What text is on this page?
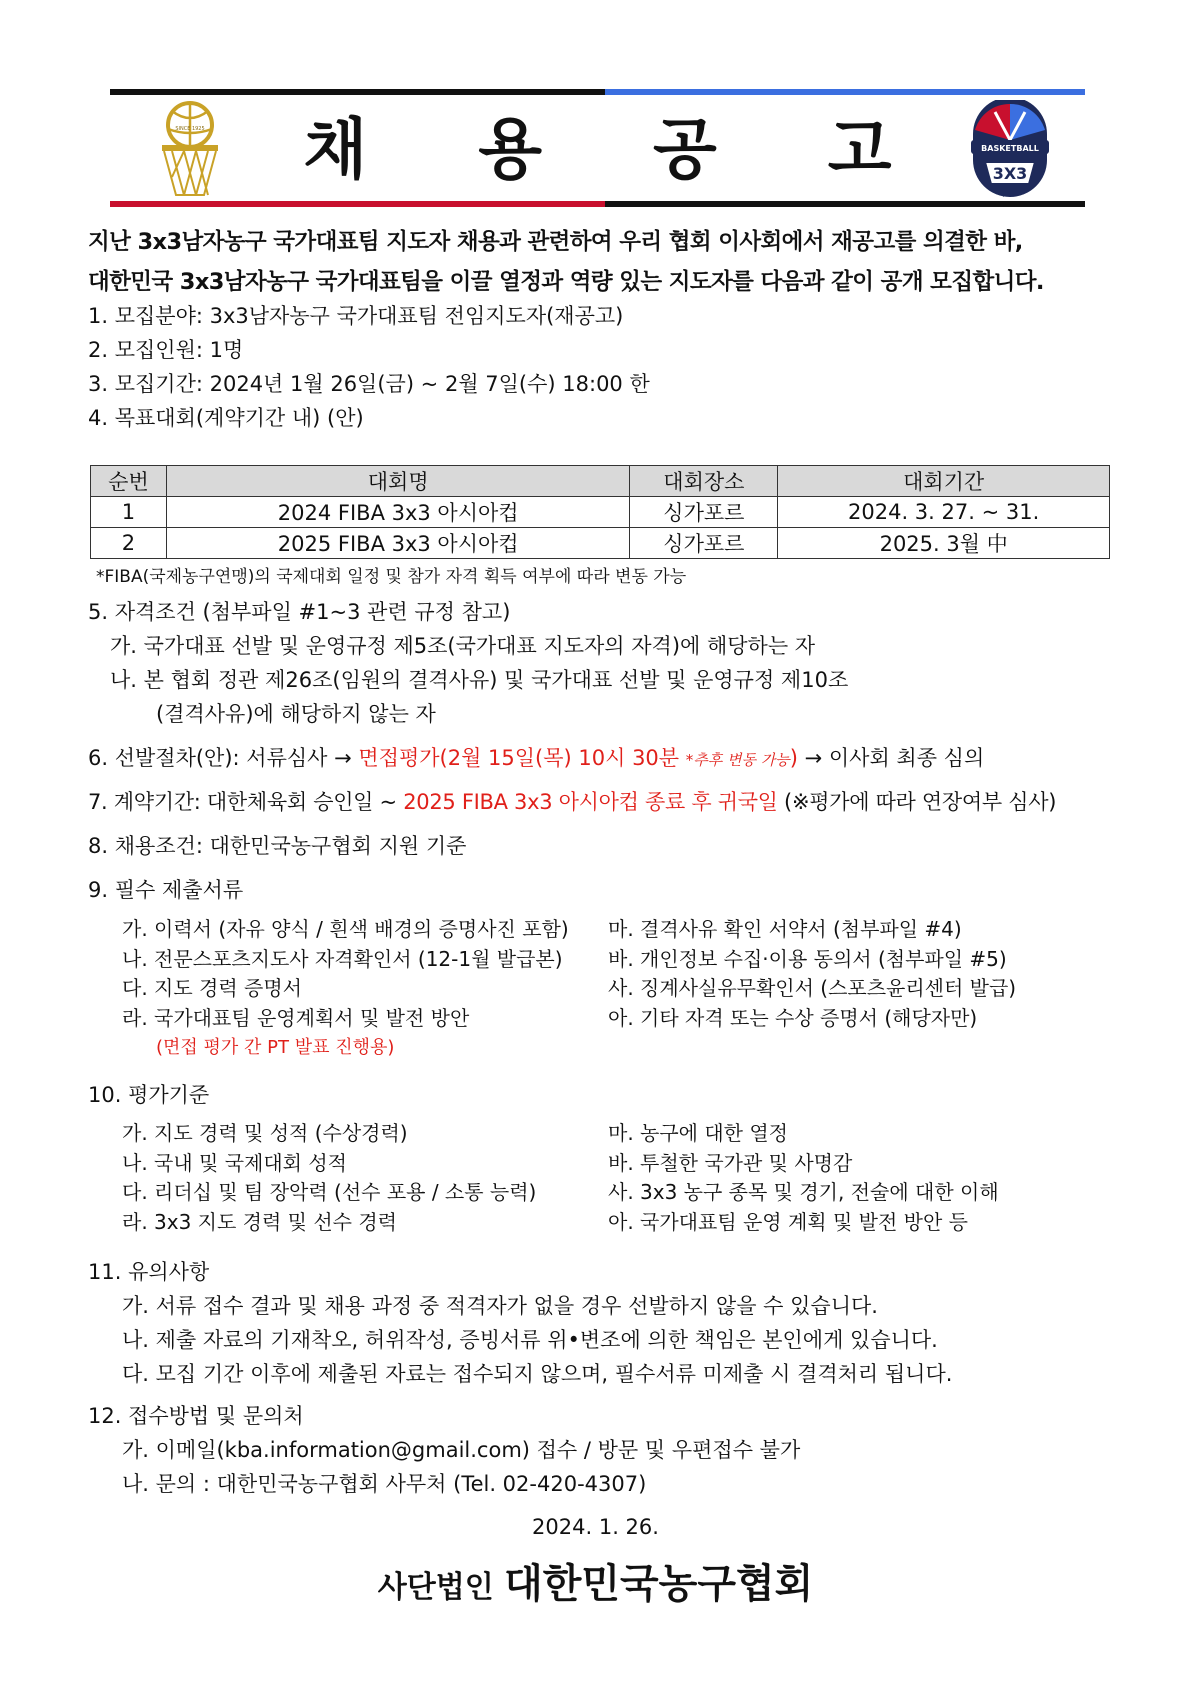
SINCE 1925	채 용 공 고	BASKETBALL
3X3
지난 3x3남자농구 국가대표팀 지도자 채용과 관련하여 우리 협회 이사회에서 재공고를 의결한 바,
대한민국 3x3남자농구 국가대표팀을 이끌 열정과 역량 있는 지도자를 다음과 같이 공개 모집합니다.
1. 모집분야: 3x3남자농구 국가대표팀 전임지도자(재공고)
2. 모집인원: 1명
3. 모집기간: 2024년 1월 26일(금) ~ 2월 7일(수) 18:00 한
4. 목표대회(계약기간 내) (안)
순번	대회명	대회장소	대회기간
1	2024 FIBA 3x3 아시아컵	싱가포르	2024. 3. 27. ~ 31.
2	2025 FIBA 3x3 아시아컵	싱가포르	2025. 3월 中
*FIBA(국제농구연맹)의 국제대회 일정 및 참가 자격 획득 여부에 따라 변동 가능
5. 자격조건 (첨부파일 #1~3 관련 규정 참고)
가. 국가대표 선발 및 운영규정 제5조(국가대표 지도자의 자격)에 해당하는 자
나. 본 협회 정관 제26조(임원의 결격사유) 및 국가대표 선발 및 운영규정 제10조
(결격사유)에 해당하지 않는 자
6. 선발절차(안): 서류심사 → 면접평가(2월 15일(목) 10시 30분 *추후 변동 가능) → 이사회 최종 심의
7. 계약기간: 대한체육회 승인일 ~ 2025 FIBA 3x3 아시아컵 종료 후 귀국일 (※평가에 따라 연장여부 심사)
8. 채용조건: 대한민국농구협회 지원 기준
9. 필수 제출서류
가. 이력서 (자유 양식 / 흰색 배경의 증명사진 포함)
나. 전문스포츠지도사 자격확인서 (12-1월 발급본)
다. 지도 경력 증명서
라. 국가대표팀 운영계획서 및 발전 방안
(면접 평가 간 PT 발표 진행용)
마. 결격사유 확인 서약서 (첨부파일 #4)
바. 개인정보 수집·이용 동의서 (첨부파일 #5)
사. 징계사실유무확인서 (스포츠윤리센터 발급)
아. 기타 자격 또는 수상 증명서 (해당자만)
10. 평가기준
가. 지도 경력 및 성적 (수상경력)
나. 국내 및 국제대회 성적
다. 리더십 및 팀 장악력 (선수 포용 / 소통 능력)
라. 3x3 지도 경력 및 선수 경력
마. 농구에 대한 열정
바. 투철한 국가관 및 사명감
사. 3x3 농구 종목 및 경기, 전술에 대한 이해
아. 국가대표팀 운영 계획 및 발전 방안 등
11. 유의사항
가. 서류 접수 결과 및 채용 과정 중 적격자가 없을 경우 선발하지 않을 수 있습니다.
나. 제출 자료의 기재착오, 허위작성, 증빙서류 위•변조에 의한 책임은 본인에게 있습니다.
다. 모집 기간 이후에 제출된 자료는 접수되지 않으며, 필수서류 미제출 시 결격처리 됩니다.
12. 접수방법 및 문의처
가. 이메일(kba.information@gmail.com) 접수 / 방문 및 우편접수 불가
나. 문의 : 대한민국농구협회 사무처 (Tel. 02-420-4307)
2024. 1. 26.
사단법인 대한민국농구협회
